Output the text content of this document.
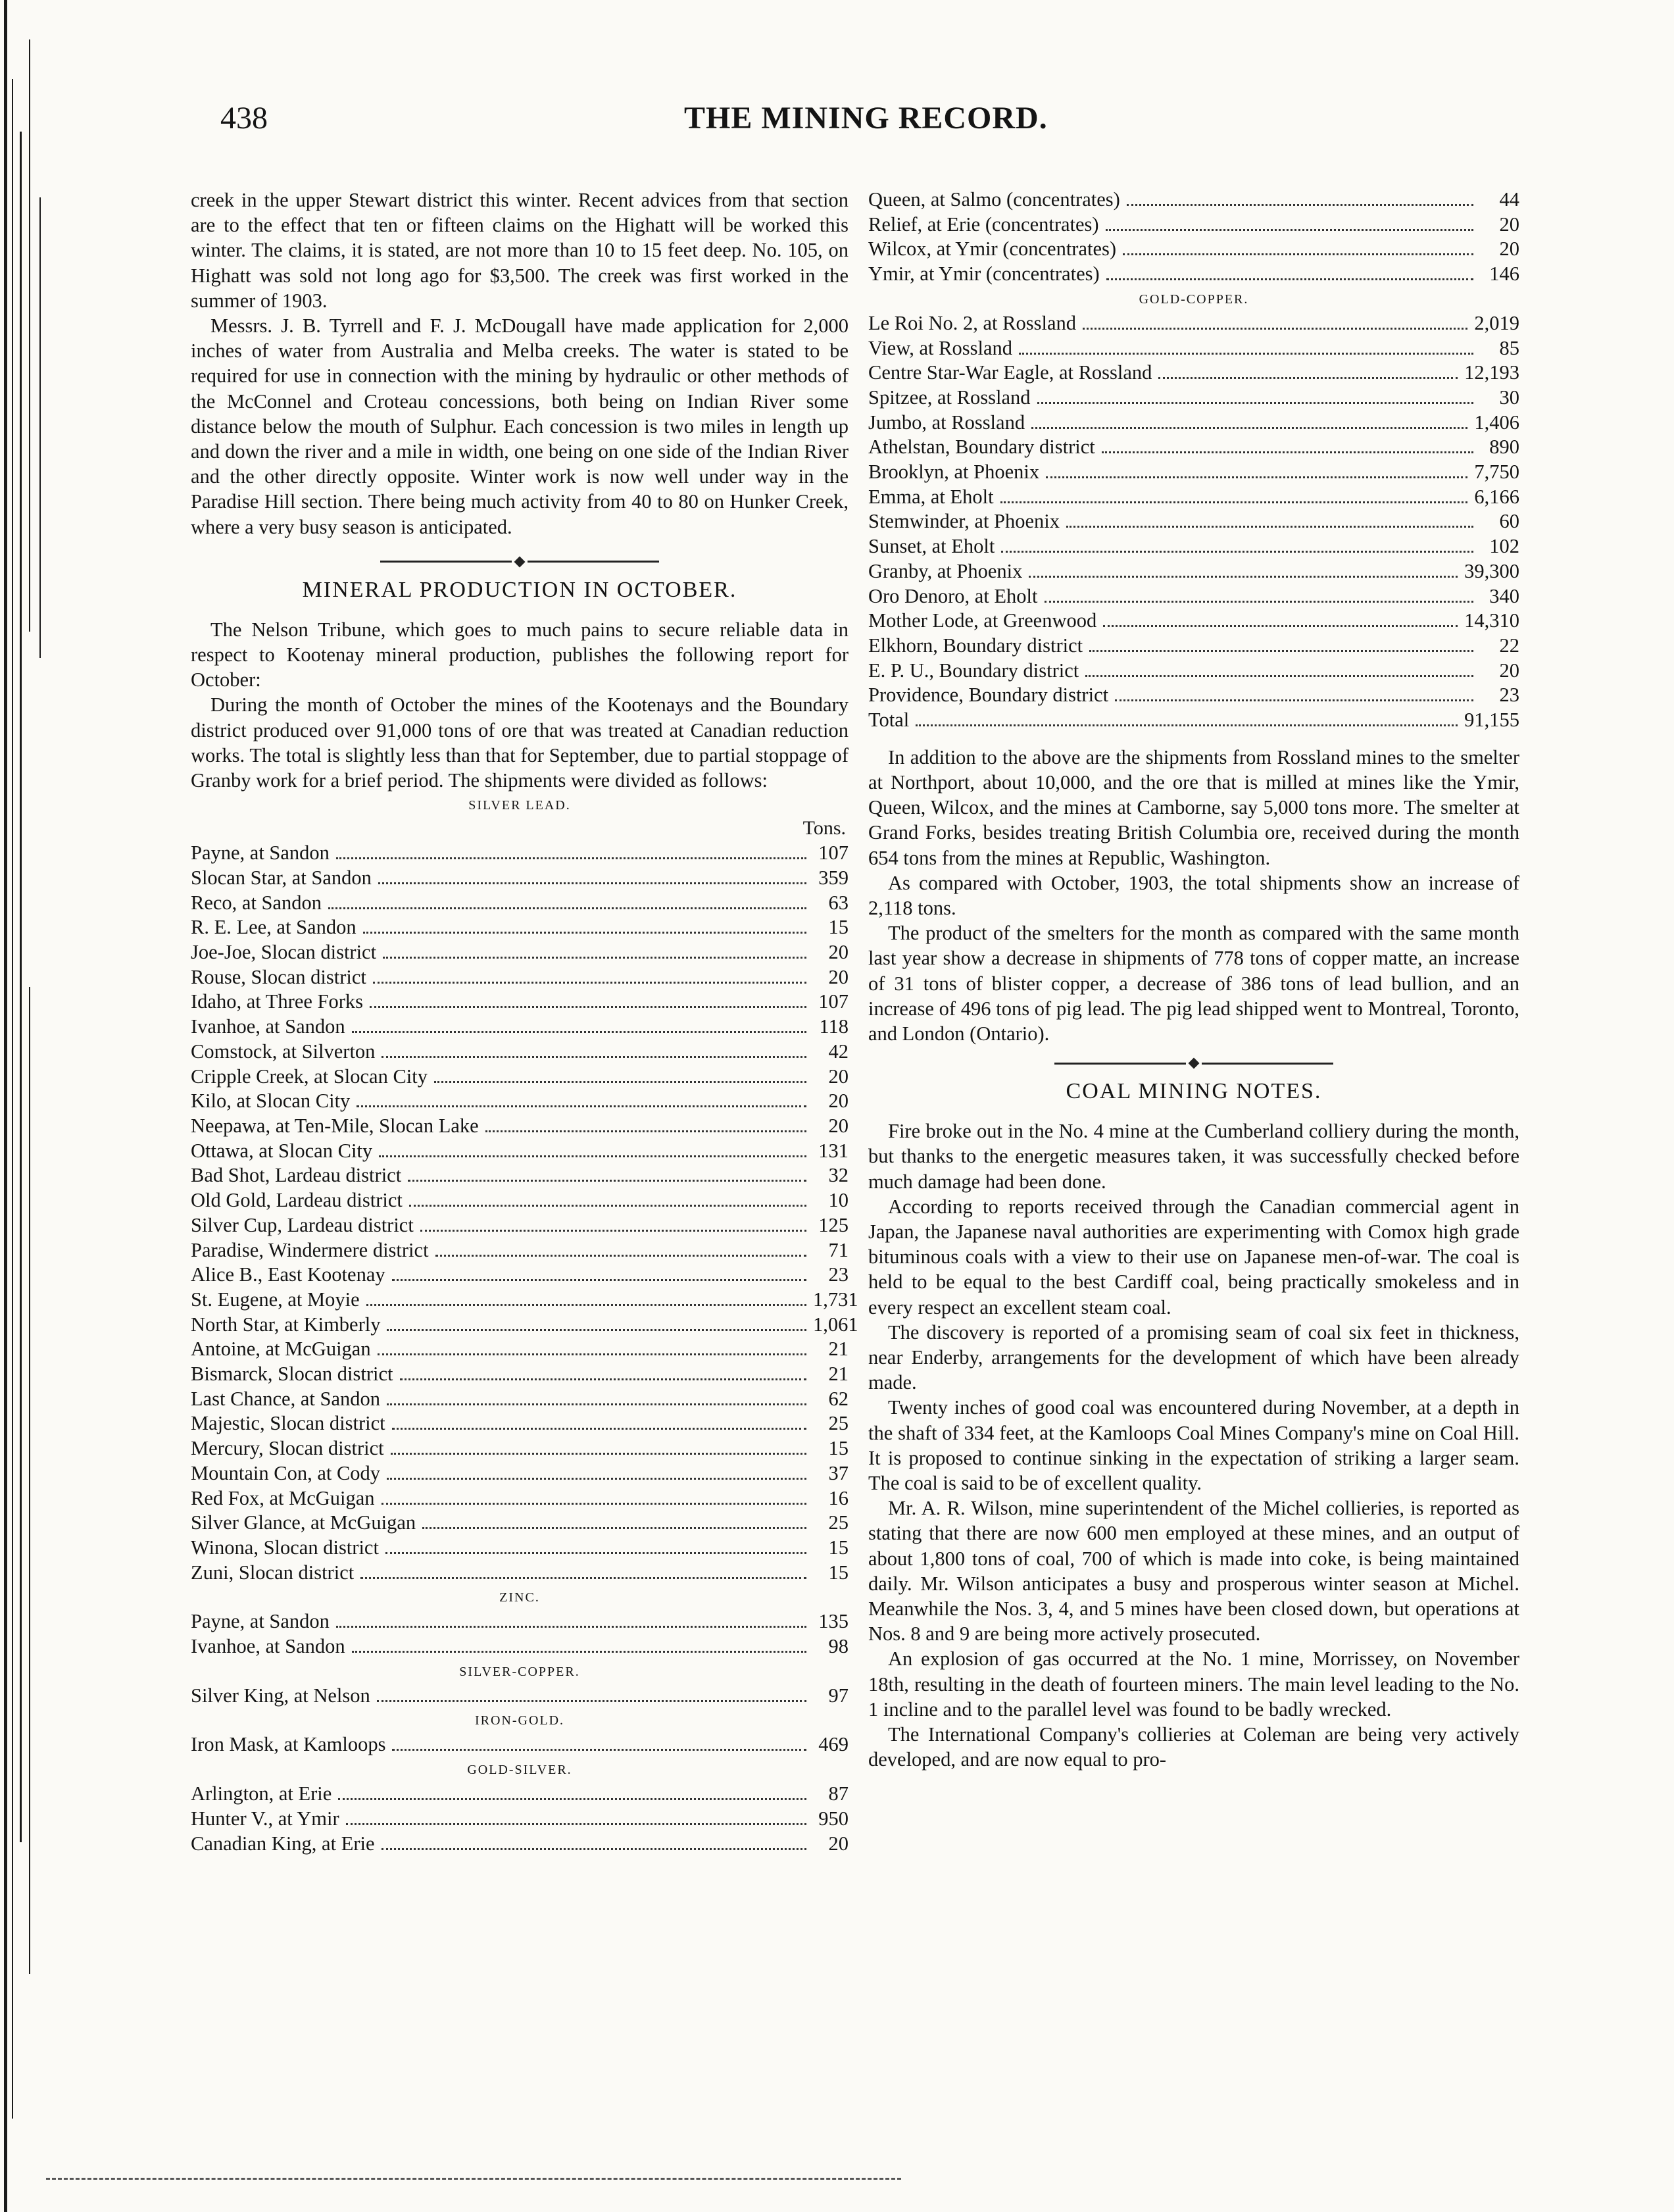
438	THE MINING RECORD.

creek in the upper Stewart district this winter. Recent advices from that section are to the effect that ten or fifteen claims on the Highatt will be worked this winter. The claims, it is stated, are not more than 10 to 15 feet deep. No. 105, on Highatt was sold not long ago for $3,500. The creek was first worked in the summer of 1903.

Messrs. J. B. Tyrrell and F. J. McDougall have made application for 2,000 inches of water from Australia and Melba creeks. The water is stated to be required for use in connection with the mining by hydraulic or other methods of the McConnel and Croteau concessions, both being on Indian River some distance below the mouth of Sulphur. Each concession is two miles in length up and down the river and a mile in width, one being on one side of the Indian River and the other directly opposite. Winter work is now well under way in the Paradise Hill section. There being much activity from 40 to 80 on Hunker Creek, where a very busy season is anticipated.

MINERAL PRODUCTION IN OCTOBER.

The Nelson Tribune, which goes to much pains to secure reliable data in respect to Kootenay mineral production, publishes the following report for October:

During the month of October the mines of the Kootenays and the Boundary district produced over 91,000 tons of ore that was treated at Canadian reduction works. The total is slightly less than that for September, due to partial stoppage of Granby work for a brief period. The shipments were divided as follows:

SILVER LEAD.
Tons.
Payne, at Sandon	107
Slocan Star, at Sandon	359
Reco, at Sandon	63
R. E. Lee, at Sandon	15
Joe-Joe, Slocan district	20
Rouse, Slocan district	20
Idaho, at Three Forks	107
Ivanhoe, at Sandon	118
Comstock, at Silverton	42
Cripple Creek, at Slocan City	20
Kilo, at Slocan City	20
Neepawa, at Ten-Mile, Slocan Lake	20
Ottawa, at Slocan City	131
Bad Shot, Lardeau district	32
Old Gold, Lardeau district	10
Silver Cup, Lardeau district	125
Paradise, Windermere district	71
Alice B., East Kootenay	23
St. Eugene, at Moyie	1,731
North Star, at Kimberly	1,061
Antoine, at McGuigan	21
Bismarck, Slocan district	21
Last Chance, at Sandon	62
Majestic, Slocan district	25
Mercury, Slocan district	15
Mountain Con, at Cody	37
Red Fox, at McGuigan	16
Silver Glance, at McGuigan	25
Winona, Slocan district	15
Zuni, Slocan district	15
ZINC.
Payne, at Sandon	135
Ivanhoe, at Sandon	98
SILVER-COPPER.
Silver King, at Nelson	97
IRON-GOLD.
Iron Mask, at Kamloops	469
GOLD-SILVER.
Arlington, at Erie	87
Hunter V., at Ymir	950
Canadian King, at Erie	20
Queen, at Salmo (concentrates)	44
Relief, at Erie (concentrates)	20
Wilcox, at Ymir (concentrates)	20
Ymir, at Ymir (concentrates)	146
GOLD-COPPER.
Le Roi No. 2, at Rossland	2,019
View, at Rossland	85
Centre Star-War Eagle, at Rossland	12,193
Spitzee, at Rossland	30
Jumbo, at Rossland	1,406
Athelstan, Boundary district	890
Brooklyn, at Phoenix	7,750
Emma, at Eholt	6,166
Stemwinder, at Phoenix	60
Sunset, at Eholt	102
Granby, at Phoenix	39,300
Oro Denoro, at Eholt	340
Mother Lode, at Greenwood	14,310
Elkhorn, Boundary district	22
E. P. U., Boundary district	20
Providence, Boundary district	23
Total	91,155

In addition to the above are the shipments from Rossland mines to the smelter at Northport, about 10,000, and the ore that is milled at mines like the Ymir, Queen, Wilcox, and the mines at Camborne, say 5,000 tons more. The smelter at Grand Forks, besides treating British Columbia ore, received during the month 654 tons from the mines at Republic, Washington.

As compared with October, 1903, the total shipments show an increase of 2,118 tons.

The product of the smelters for the month as compared with the same month last year show a decrease in shipments of 778 tons of copper matte, an increase of 31 tons of blister copper, a decrease of 386 tons of lead bullion, and an increase of 496 tons of pig lead. The pig lead shipped went to Montreal, Toronto, and London (Ontario).

COAL MINING NOTES.

Fire broke out in the No. 4 mine at the Cumberland colliery during the month, but thanks to the energetic measures taken, it was successfully checked before much damage had been done.

According to reports received through the Canadian commercial agent in Japan, the Japanese naval authorities are experimenting with Comox high grade bituminous coals with a view to their use on Japanese men-of-war. The coal is held to be equal to the best Cardiff coal, being practically smokeless and in every respect an excellent steam coal.

The discovery is reported of a promising seam of coal six feet in thickness, near Enderby, arrangements for the development of which have been already made.

Twenty inches of good coal was encountered during November, at a depth in the shaft of 334 feet, at the Kamloops Coal Mines Company's mine on Coal Hill. It is proposed to continue sinking in the expectation of striking a larger seam. The coal is said to be of excellent quality.

Mr. A. R. Wilson, mine superintendent of the Michel collieries, is reported as stating that there are now 600 men employed at these mines, and an output of about 1,800 tons of coal, 700 of which is made into coke, is being maintained daily. Mr. Wilson anticipates a busy and prosperous winter season at Michel. Meanwhile the Nos. 3, 4, and 5 mines have been closed down, but operations at Nos. 8 and 9 are being more actively prosecuted.

An explosion of gas occurred at the No. 1 mine, Morrissey, on November 18th, resulting in the death of fourteen miners. The main level leading to the No. 1 incline and to the parallel level was found to be badly wrecked.

The International Company's collieries at Coleman are being very actively developed, and are now equal to pro-
